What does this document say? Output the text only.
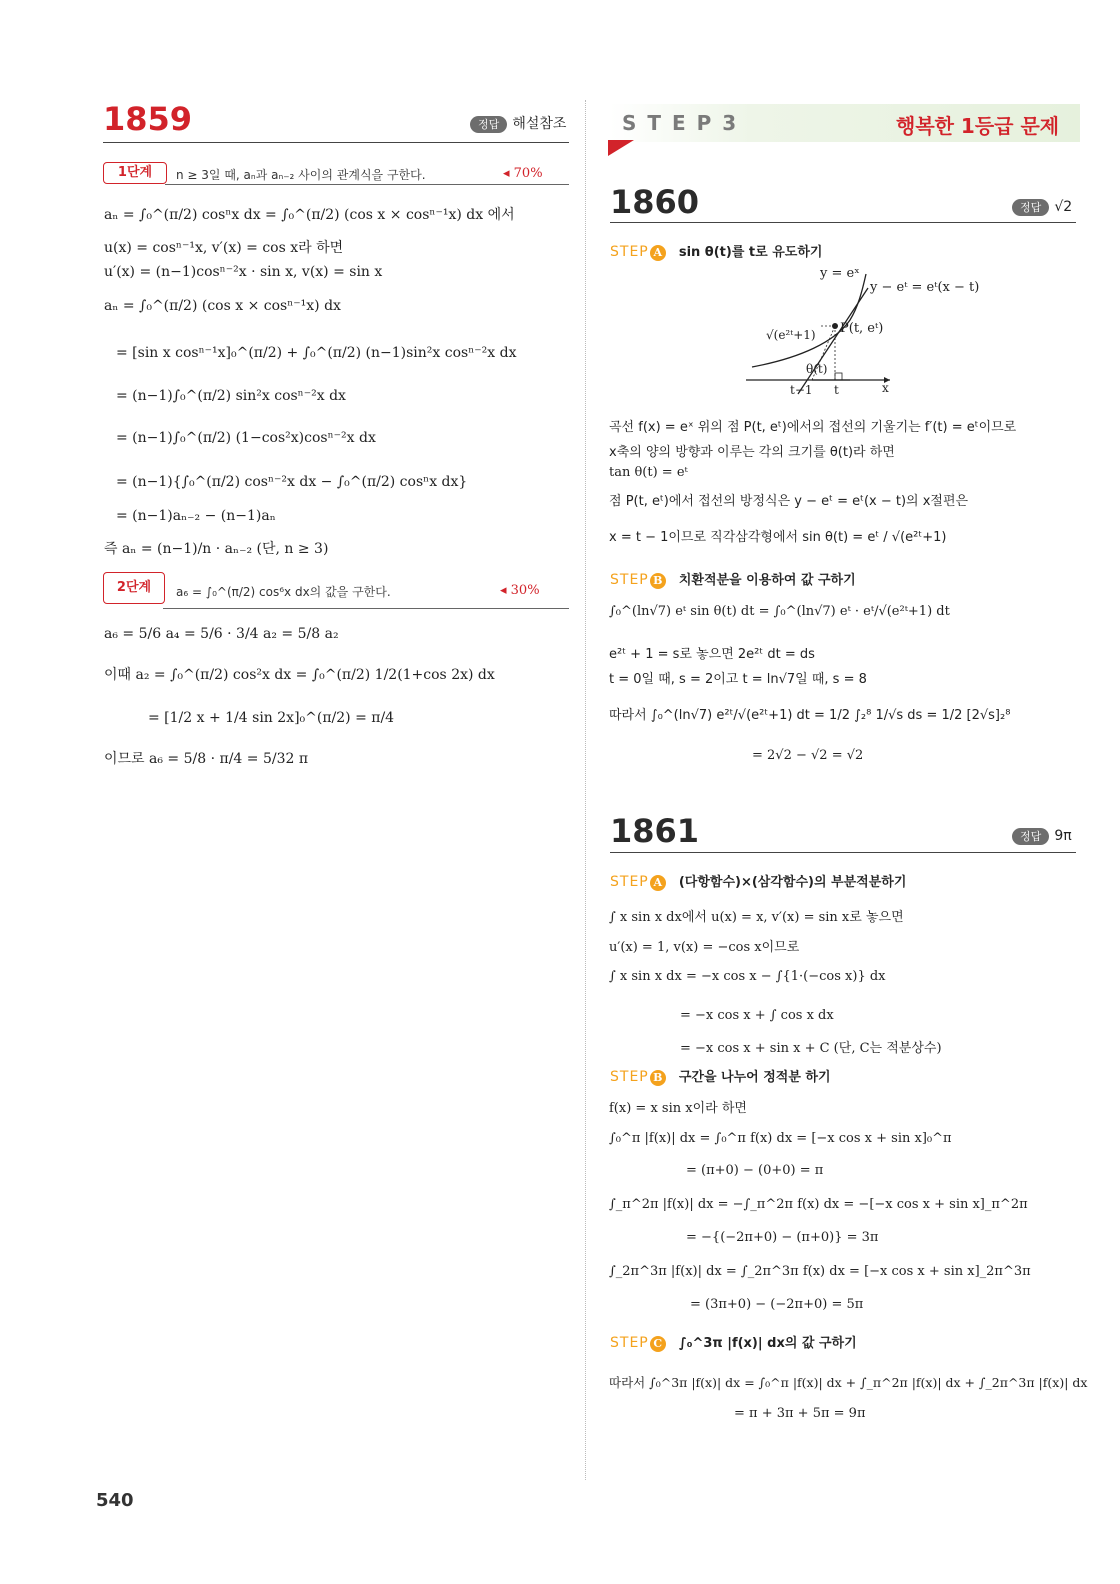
1859	정답 해설참조
1단계	n ≥ 3일 때, aₙ과 aₙ₋₂ 사이의 관계식을 구한다.	◂ 70%
aₙ = ∫₀^(π/2) cosⁿx dx = ∫₀^(π/2) (cos x × cosⁿ⁻¹x) dx 에서
u(x) = cosⁿ⁻¹x, v′(x) = cos x라 하면
u′(x) = (n−1)cosⁿ⁻²x · sin x, v(x) = sin x
aₙ = ∫₀^(π/2) (cos x × cosⁿ⁻¹x) dx
= [sin x cosⁿ⁻¹x]₀^(π/2) + ∫₀^(π/2) (n−1)sin²x cosⁿ⁻²x dx
= (n−1)∫₀^(π/2) sin²x cosⁿ⁻²x dx
= (n−1)∫₀^(π/2) (1−cos²x)cosⁿ⁻²x dx
= (n−1){∫₀^(π/2) cosⁿ⁻²x dx − ∫₀^(π/2) cosⁿx dx}
= (n−1)aₙ₋₂ − (n−1)aₙ
즉 aₙ = (n−1)/n · aₙ₋₂ (단, n ≥ 3)
2단계	a₆ = ∫₀^(π/2) cos⁶x dx의 값을 구한다.	◂ 30%
a₆ = 5/6 a₄ = 5/6 · 3/4 a₂ = 5/8 a₂
이때 a₂ = ∫₀^(π/2) cos²x dx = ∫₀^(π/2) 1/2(1+cos 2x) dx
= [1/2 x + 1/4 sin 2x]₀^(π/2) = π/4
이므로 a₆ = 5/8 · π/4 = 5/32 π
S T E P 3	행복한 1등급 문제
1860	정답 √2
STEP A sin θ(t)를 t로 유도하기
y = eˣ
y − eᵗ = eᵗ(x − t)
P(t, eᵗ)
√(e²ᵗ+1)
θ(t)
t−1 t	x
곡선 f(x) = eˣ 위의 점 P(t, eᵗ)에서의 접선의 기울기는 f′(t) = eᵗ이므로
x축의 양의 방향과 이루는 각의 크기를 θ(t)라 하면
tan θ(t) = eᵗ
점 P(t, eᵗ)에서 접선의 방정식은 y − eᵗ = eᵗ(x − t)의 x절편은
x = t − 1이므로 직각삼각형에서 sin θ(t) = eᵗ / √(e²ᵗ+1)
STEP B 치환적분을 이용하여 값 구하기
∫₀^(ln√7) eᵗ sin θ(t) dt = ∫₀^(ln√7) eᵗ · eᵗ/√(e²ᵗ+1) dt
e²ᵗ + 1 = s로 놓으면 2e²ᵗ dt = ds
t = 0일 때, s = 2이고 t = ln√7일 때, s = 8
따라서 ∫₀^(ln√7) e²ᵗ/√(e²ᵗ+1) dt = 1/2 ∫₂⁸ 1/√s ds = 1/2 [2√s]₂⁸
= 2√2 − √2 = √2
1861	정답 9π
STEP A (다항함수)×(삼각함수)의 부분적분하기
∫ x sin x dx에서 u(x) = x, v′(x) = sin x로 놓으면
u′(x) = 1, v(x) = −cos x이므로
∫ x sin x dx = −x cos x − ∫{1·(−cos x)} dx
= −x cos x + ∫ cos x dx
= −x cos x + sin x + C (단, C는 적분상수)
STEP B 구간을 나누어 정적분 하기
f(x) = x sin x이라 하면
∫₀^π |f(x)| dx = ∫₀^π f(x) dx = [−x cos x + sin x]₀^π
= (π+0) − (0+0) = π
∫_π^2π |f(x)| dx = −∫_π^2π f(x) dx = −[−x cos x + sin x]_π^2π
= −{(−2π+0) − (π+0)} = 3π
∫_2π^3π |f(x)| dx = ∫_2π^3π f(x) dx = [−x cos x + sin x]_2π^3π
= (3π+0) − (−2π+0) = 5π
STEP C ∫₀^3π |f(x)| dx의 값 구하기
따라서 ∫₀^3π |f(x)| dx = ∫₀^π |f(x)| dx + ∫_π^2π |f(x)| dx + ∫_2π^3π |f(x)| dx
= π + 3π + 5π = 9π
540
